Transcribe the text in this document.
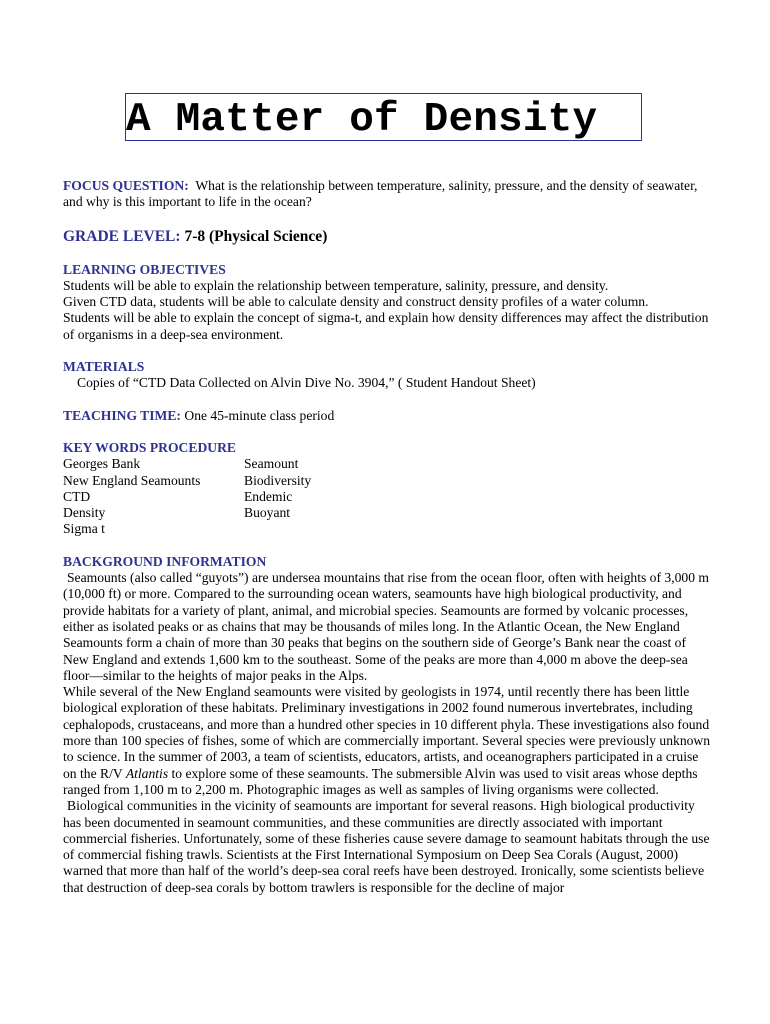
A Matter of Density

FOCUS QUESTION: What is the relationship between temperature, salinity, pressure, and the density of seawater, and why is this important to life in the ocean?

GRADE LEVEL: 7-8 (Physical Science)

LEARNING OBJECTIVES
Students will be able to explain the relationship between temperature, salinity, pressure, and density.
Given CTD data, students will be able to calculate density and construct density profiles of a water column.
Students will be able to explain the concept of sigma-t, and explain how density differences may affect the distribution of organisms in a deep-sea environment.
MATERIALS
Copies of “CTD Data Collected on Alvin Dive No. 3904,” ( Student Handout Sheet)

TEACHING TIME: One 45-minute class period

KEY WORDS PROCEDURE
Georges Bank	Seamount
New England Seamounts	Biodiversity
CTD	Endemic
Density	Buoyant
Sigma t
BACKGROUND INFORMATION

Seamounts (also called “guyots”) are undersea mountains that rise from the ocean floor, often with heights of 3,000 m (10,000 ft) or more. Compared to the surrounding ocean waters, seamounts have high biological productivity, and provide habitats for a variety of plant, animal, and microbial species. Seamounts are formed by volcanic processes, either as isolated peaks or as chains that may be thousands of miles long. In the Atlantic Ocean, the New England Seamounts form a chain of more than 30 peaks that begins on the southern side of George’s Bank near the coast of New England and extends 1,600 km to the southeast. Some of the peaks are more than 4,000 m above the deep-sea floor—similar to the heights of major peaks in the Alps.

While several of the New England seamounts were visited by geologists in 1974, until recently there has been little biological exploration of these habitats. Preliminary investigations in 2002 found numerous invertebrates, including cephalopods, crustaceans, and more than a hundred other species in 10 different phyla. These investigations also found more than 100 species of fishes, some of which are commercially important. Several species were previously unknown to science. In the summer of 2003, a team of scientists, educators, artists, and oceanographers participated in a cruise on the R/V Atlantis to explore some of these seamounts. The submersible Alvin was used to visit areas whose depths ranged from 1,100 m to 2,200 m. Photographic images as well as samples of living organisms were collected.

Biological communities in the vicinity of seamounts are important for several reasons. High biological productivity has been documented in seamount communities, and these communities are directly associated with important commercial fisheries. Unfortunately, some of these fisheries cause severe damage to seamount habitats through the use of commercial fishing trawls. Scientists at the First International Symposium on Deep Sea Corals (August, 2000) warned that more than half of the world’s deep-sea coral reefs have been destroyed. Ironically, some scientists believe that destruction of deep-sea corals by bottom trawlers is responsible for the decline of major
